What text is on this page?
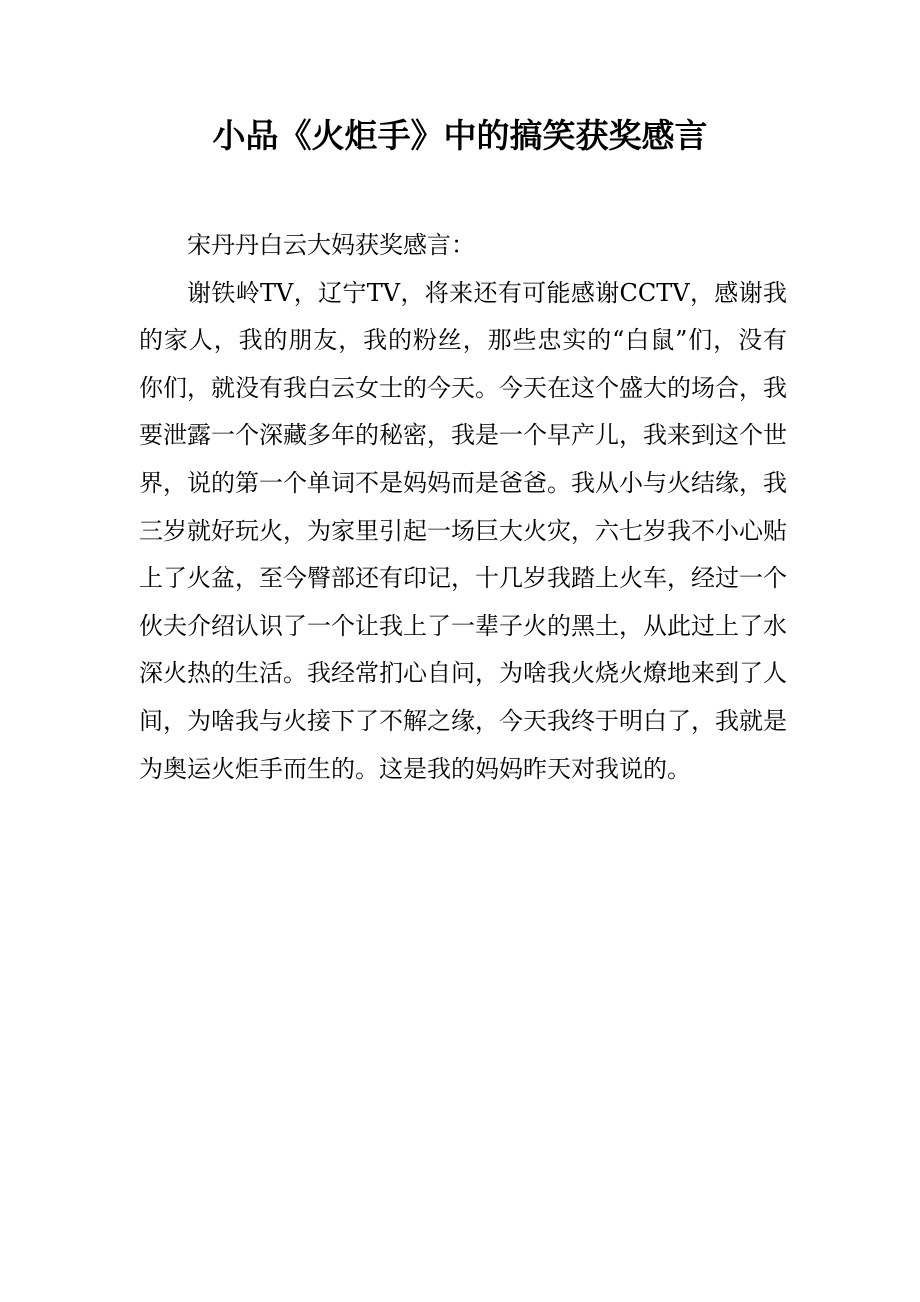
小品《火炬手》中的搞笑获奖感言

宋丹丹白云大妈获奖感言：

谢铁岭TV，辽宁TV，将来还有可能感谢CCTV，感谢我的家人，我的朋友，我的粉丝，那些忠实的“白鼠”们，没有你们，就没有我白云女士的今天。今天在这个盛大的场合，我要泄露一个深藏多年的秘密，我是一个早产儿，我来到这个世界，说的第一个单词不是妈妈而是爸爸。我从小与火结缘，我三岁就好玩火，为家里引起一场巨大火灾，六七岁我不小心贴上了火盆，至今臀部还有印记，十几岁我踏上火车，经过一个伙夫介绍认识了一个让我上了一辈子火的黑土，从此过上了水深火热的生活。我经常扪心自问，为啥我火烧火燎地来到了人间，为啥我与火接下了不解之缘，今天我终于明白了，我就是为奥运火炬手而生的。这是我的妈妈昨天对我说的。
